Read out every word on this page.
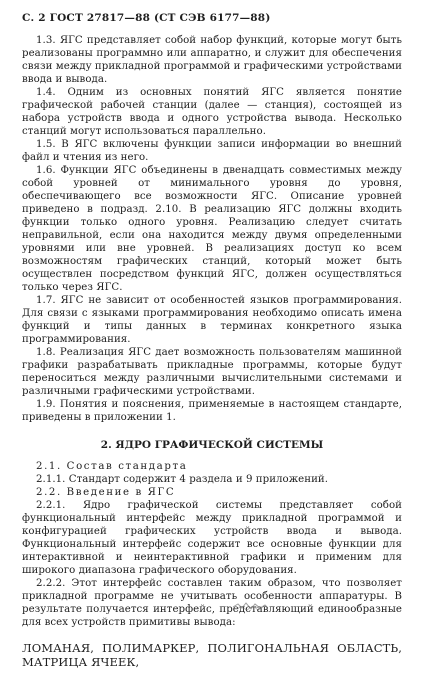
С. 2 ГОСТ 27817—88 (СТ СЭВ 6177—88)

1.3. ЯГС представляет собой набор функций, которые могут быть реализованы программно или аппаратно, и служит для обеспечения связи между прикладной программой и графическими устройствами ввода и вывода.

1.4. Одним из основных понятий ЯГС является понятие графической рабочей станции (далее — станция), состоящей из набора устройств ввода и одного устройства вывода. Несколько станций могут использоваться параллельно.

1.5. В ЯГС включены функции записи информации во внешний файл и чтения из него.

1.6. Функции ЯГС объединены в двенадцать совместимых между собой уровней от минимального уровня до уровня, обеспечивающего все возможности ЯГС. Описание уровней приведено в подразд. 2.10. В реализацию ЯГС должны входить функции только одного уровня. Реализацию следует считать неправильной, если она находится между двумя определенными уровнями или вне уровней. В реализациях доступ ко всем возможностям графических станций, который может быть осуществлен посредством функций ЯГС, должен осуществляться только через ЯГС.

1.7. ЯГС не зависит от особенностей языков программирования. Для связи с языками программирования необходимо описать имена функций и типы данных в терминах конкретного языка программирования.

1.8. Реализация ЯГС дает возможность пользователям машинной графики разрабатывать прикладные программы, которые будут переноситься между различными вычислительными системами и различными графическими устройствами.

1.9. Понятия и пояснения, применяемые в настоящем стандарте, приведены в приложении 1.

2. ЯДРО ГРАФИЧЕСКОЙ СИСТЕМЫ

2.1. Состав стандарта

2.1.1. Стандарт содержит 4 раздела и 9 приложений.

2.2. Введение в ЯГС

2.2.1. Ядро графической системы представляет собой функциональный интерфейс между прикладной программой и конфигурацией графических устройств ввода и вывода. Функциональный интерфейс содержит все основные функции для интерактивной и неинтерактивной графики и применим для широкого диапазона графического оборудования.

2.2.2. Этот интерфейс составлен таким образом, что позволяет прикладной программе не учитывать особенности аппаратуры. В результате получается интерфейс, представляющий единообразные для всех устройств примитивы вывода:

ЛОМАНАЯ, ПОЛИМАРКЕР, ПОЛИГОНАЛЬНАЯ ОБЛАСТЬ, МАТРИЦА ЯЧЕЕК,
